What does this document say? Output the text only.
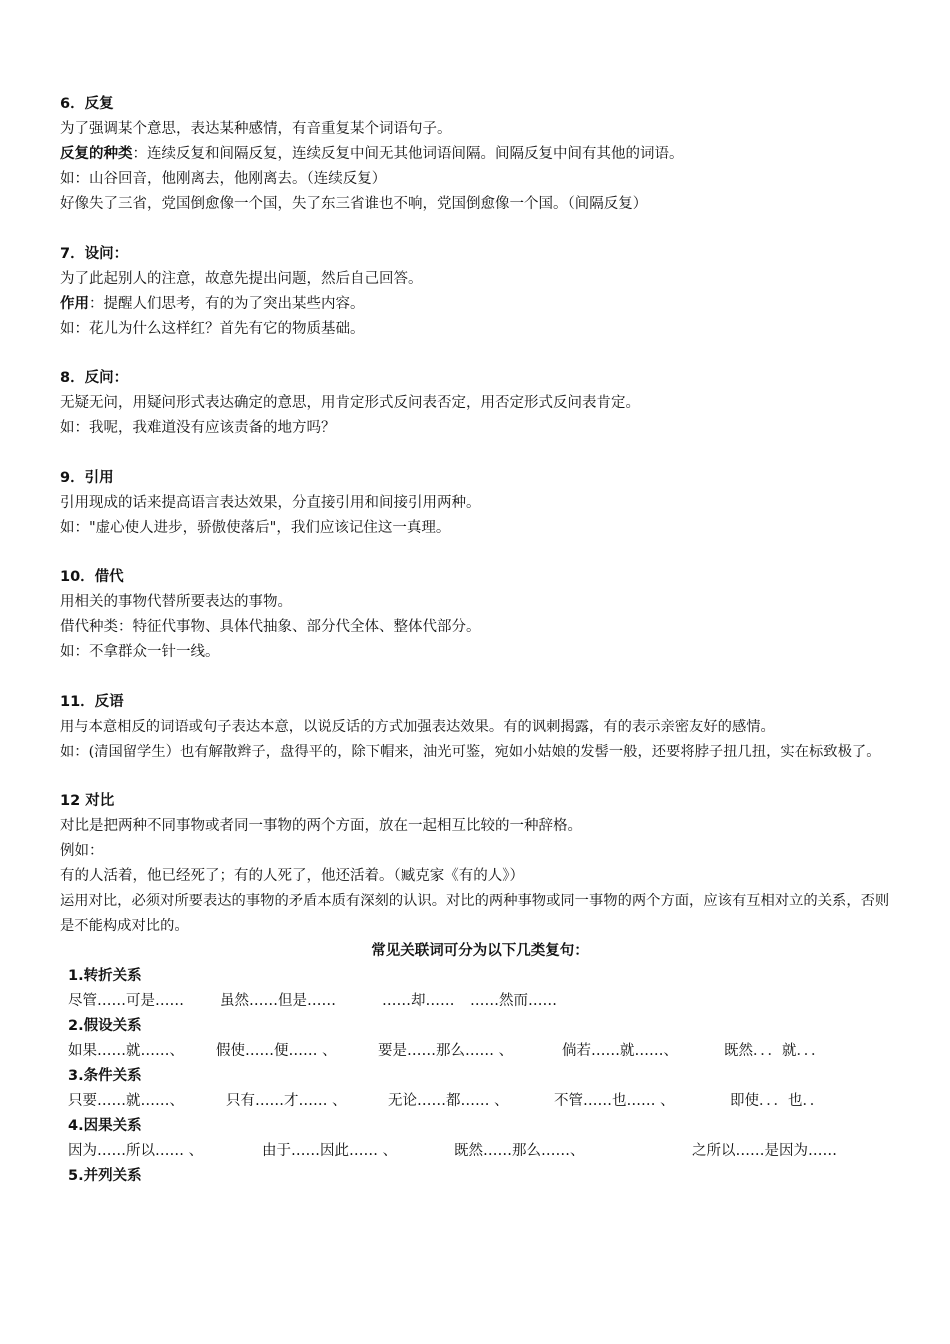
6．反复
为了强调某个意思，表达某种感情，有音重复某个词语句子。
反复的种类：连续反复和间隔反复，连续反复中间无其他词语间隔。间隔反复中间有其他的词语。
如：山谷回音，他刚离去，他刚离去。（连续反复）
好像失了三省，党国倒愈像一个国，失了东三省谁也不响，党国倒愈像一个国。（间隔反复）
7．设问：
为了此起别人的注意，故意先提出问题，然后自己回答。
作用：提醒人们思考，有的为了突出某些内容。
如：花儿为什么这样红？首先有它的物质基础。
8．反问：
无疑无问，用疑问形式表达确定的意思，用肯定形式反问表否定，用否定形式反问表肯定。
如：我呢，我难道没有应该责备的地方吗？
9．引用
引用现成的话来提高语言表达效果，分直接引用和间接引用两种。
如："虚心使人进步，骄傲使落后"，我们应该记住这一真理。
10．借代
用相关的事物代替所要表达的事物。
借代种类：特征代事物、具体代抽象、部分代全体、整体代部分。
如：不拿群众一针一线。
11．反语
用与本意相反的词语或句子表达本意，以说反话的方式加强表达效果。有的讽刺揭露，有的表示亲密友好的感情。
如：(清国留学生）也有解散辫子，盘得平的，除下帽来，油光可鉴，宛如小姑娘的发髻一般，还要将脖子扭几扭，实在标致极了。
12 对比
对比是把两种不同事物或者同一事物的两个方面，放在一起相互比较的一种辞格。
例如：
有的人活着，他已经死了；有的人死了，他还活着。（臧克家《有的人》）
运用对比，必须对所要表达的事物的矛盾本质有深刻的认识。对比的两种事物或同一事物的两个方面，应该有互相对立的关系，否则是不能构成对比的。
常见关联词可分为以下几类复句：
1.转折关系
尽管……可是…… 虽然……但是……	……却…… ……然而……
2.假设关系
如果……就……、 假使……便…… 、	要是……那么…… 、	倘若……就……、	既然．．．就．．．
3.条件关系
只要……就……、	只有……才…… 、	无论……都…… 、	不管……也…… 、	即使．．．也．．
4.因果关系
因为……所以…… 、	由于……因此…… 、	既然……那么……、	之所以……是因为……
5.并列关系
